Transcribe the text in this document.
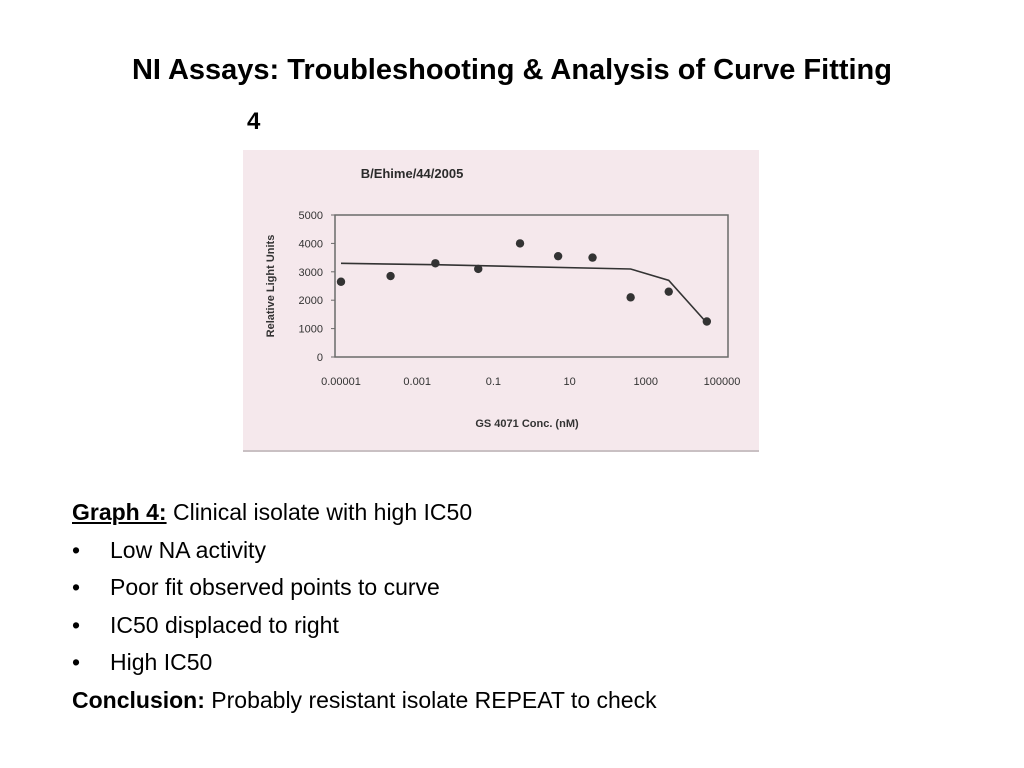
NI Assays: Troubleshooting & Analysis of Curve Fitting
4
B/Ehime/44/2005
Relative Light Units
GS 4071 Conc. (nM)
0
1000
2000
3000
4000
5000
0.00001	0.001	0.1	10	1000	100000
Graph 4: Clinical isolate with high IC50
• Low NA activity
• Poor fit observed points to curve
• IC50 displaced to right
• High IC50
Conclusion: Probably resistant isolate REPEAT to check
